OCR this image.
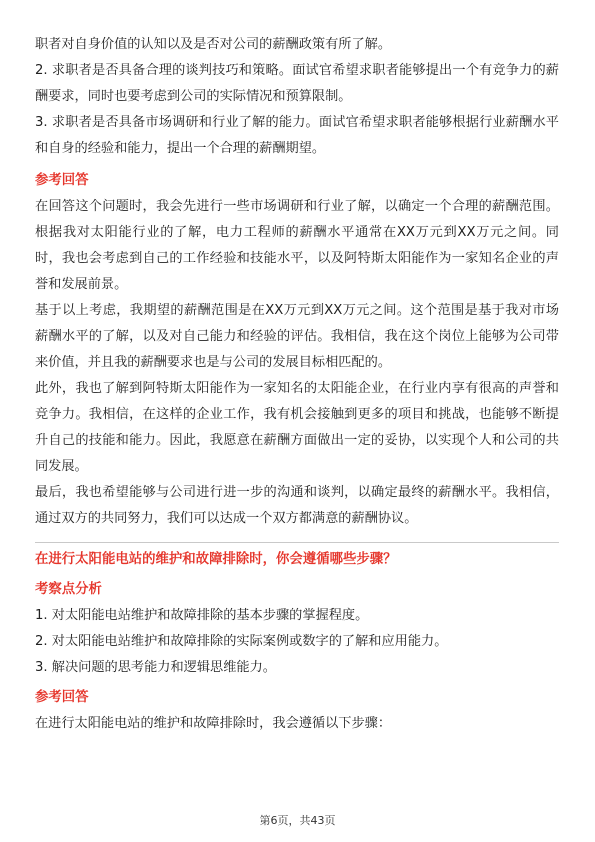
职者对自身价值的认知以及是否对公司的薪酬政策有所了解。

2. 求职者是否具备合理的谈判技巧和策略。面试官希望求职者能够提出一个有竞争力的薪酬要求，同时也要考虑到公司的实际情况和预算限制。

3. 求职者是否具备市场调研和行业了解的能力。面试官希望求职者能够根据行业薪酬水平和自身的经验和能力，提出一个合理的薪酬期望。

参考回答

在回答这个问题时，我会先进行一些市场调研和行业了解，以确定一个合理的薪酬范围。根据我对太阳能行业的了解，电力工程师的薪酬水平通常在XX万元到XX万元之间。同时，我也会考虑到自己的工作经验和技能水平，以及阿特斯太阳能作为一家知名企业的声誉和发展前景。

基于以上考虑，我期望的薪酬范围是在XX万元到XX万元之间。这个范围是基于我对市场薪酬水平的了解，以及对自己能力和经验的评估。我相信，我在这个岗位上能够为公司带来价值，并且我的薪酬要求也是与公司的发展目标相匹配的。

此外，我也了解到阿特斯太阳能作为一家知名的太阳能企业，在行业内享有很高的声誉和竞争力。我相信，在这样的企业工作，我有机会接触到更多的项目和挑战，也能够不断提升自己的技能和能力。因此，我愿意在薪酬方面做出一定的妥协，以实现个人和公司的共同发展。

最后，我也希望能够与公司进行进一步的沟通和谈判，以确定最终的薪酬水平。我相信，通过双方的共同努力，我们可以达成一个双方都满意的薪酬协议。

在进行太阳能电站的维护和故障排除时，你会遵循哪些步骤？

考察点分析

1. 对太阳能电站维护和故障排除的基本步骤的掌握程度。

2. 对太阳能电站维护和故障排除的实际案例或数字的了解和应用能力。

3. 解决问题的思考能力和逻辑思维能力。

参考回答

在进行太阳能电站的维护和故障排除时，我会遵循以下步骤：

第6页，共43页
